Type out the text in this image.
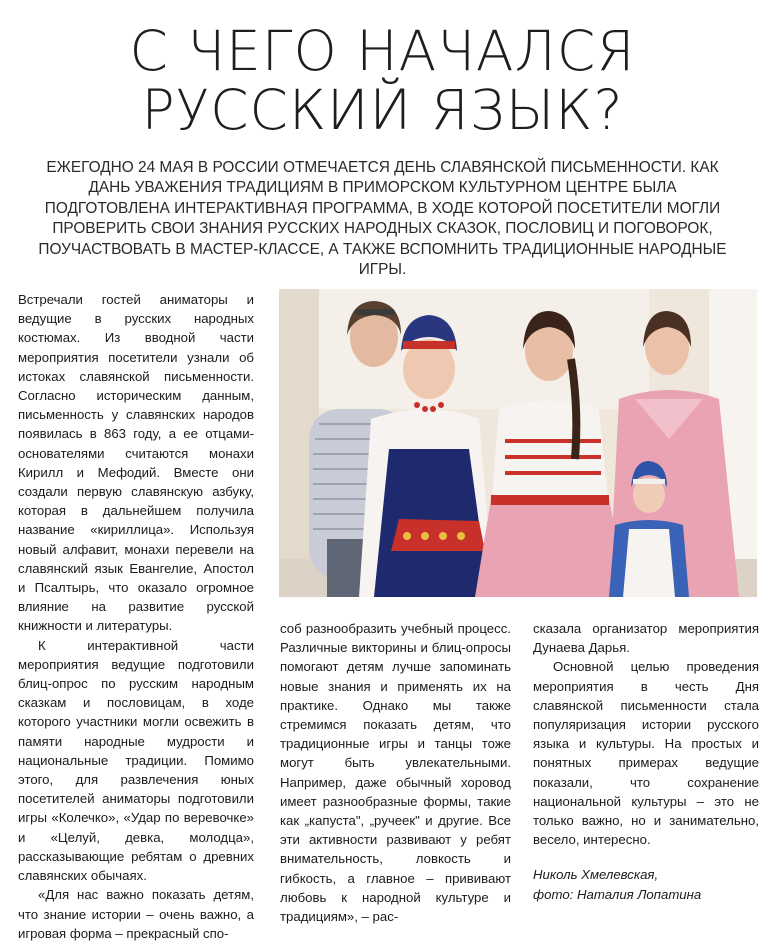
С ЧЕГО НАЧАЛСЯ
РУССКИЙ ЯЗЫК?
ЕЖЕГОДНО 24 МАЯ В РОССИИ ОТМЕЧАЕТСЯ ДЕНЬ СЛАВЯНСКОЙ ПИСЬМЕННОСТИ. КАК ДАНЬ УВАЖЕНИЯ ТРАДИЦИЯМ В ПРИМОРСКОМ КУЛЬТУРНОМ ЦЕНТРЕ БЫЛА ПОДГОТОВЛЕНА ИНТЕРАКТИВНАЯ ПРОГРАММА, В ХОДЕ КОТОРОЙ ПОСЕТИТЕЛИ МОГЛИ ПРОВЕРИТЬ СВОИ ЗНАНИЯ РУССКИХ НАРОДНЫХ СКАЗОК, ПОСЛОВИЦ И ПОГОВОРОК, ПОУЧАСТВОВАТЬ В МАСТЕР-КЛАССЕ, А ТАКЖЕ ВСПОМНИТЬ ТРАДИЦИОННЫЕ НАРОДНЫЕ ИГРЫ.

Встречали гостей аниматоры и ведущие в русских народных костюмах. Из вводной части мероприятия посетители узнали об истоках славянской письменности. Согласно историческим данным, письменность у славянских народов появилась в 863 году, а ее отцами-основателями считаются монахи Кирилл и Мефодий. Вместе они создали первую славянскую азбуку, которая в дальнейшем получила название «кириллица». Используя новый алфавит, монахи перевели на славянский язык Евангелие, Апостол и Псалтырь, что оказало огромное влияние на развитие русской книжности и литературы.

К интерактивной части мероприятия ведущие подготовили блиц-опрос по русским народным сказкам и пословицам, в ходе которого участники могли освежить в памяти народные мудрости и национальные традиции. Помимо этого, для развлечения юных посетителей аниматоры подготовили игры «Колечко», «Удар по веревочке» и «Целуй, девка, молодца», рассказывающие ребятам о древних славянских обычаях.

«Для нас важно показать детям, что знание истории – очень важно, а игровая форма – прекрасный спо-

соб разнообразить учебный процесс. Различные викторины и блиц-опросы помогают детям лучше запоминать новые знания и применять их на практике. Однако мы также стремимся показать детям, что традиционные игры и танцы тоже могут быть увлекательными. Например, даже обычный хоровод имеет разнообразные формы, такие как „капуста", „ручеек" и другие. Все эти активности развивают у ребят внимательность, ловкость и гибкость, а главное – прививают любовь к народной культуре и традициям», – рас-

сказала организатор мероприятия Дунаева Дарья.

Основной целью проведения мероприятия в честь Дня славянской письменности стала популяризация истории русского языка и культуры. На простых и понятных примерах ведущие показали, что сохранение национальной культуры – это не только важно, но и занимательно, весело, интересно.

Николь Хмелевская,

фото: Наталия Лопатина
